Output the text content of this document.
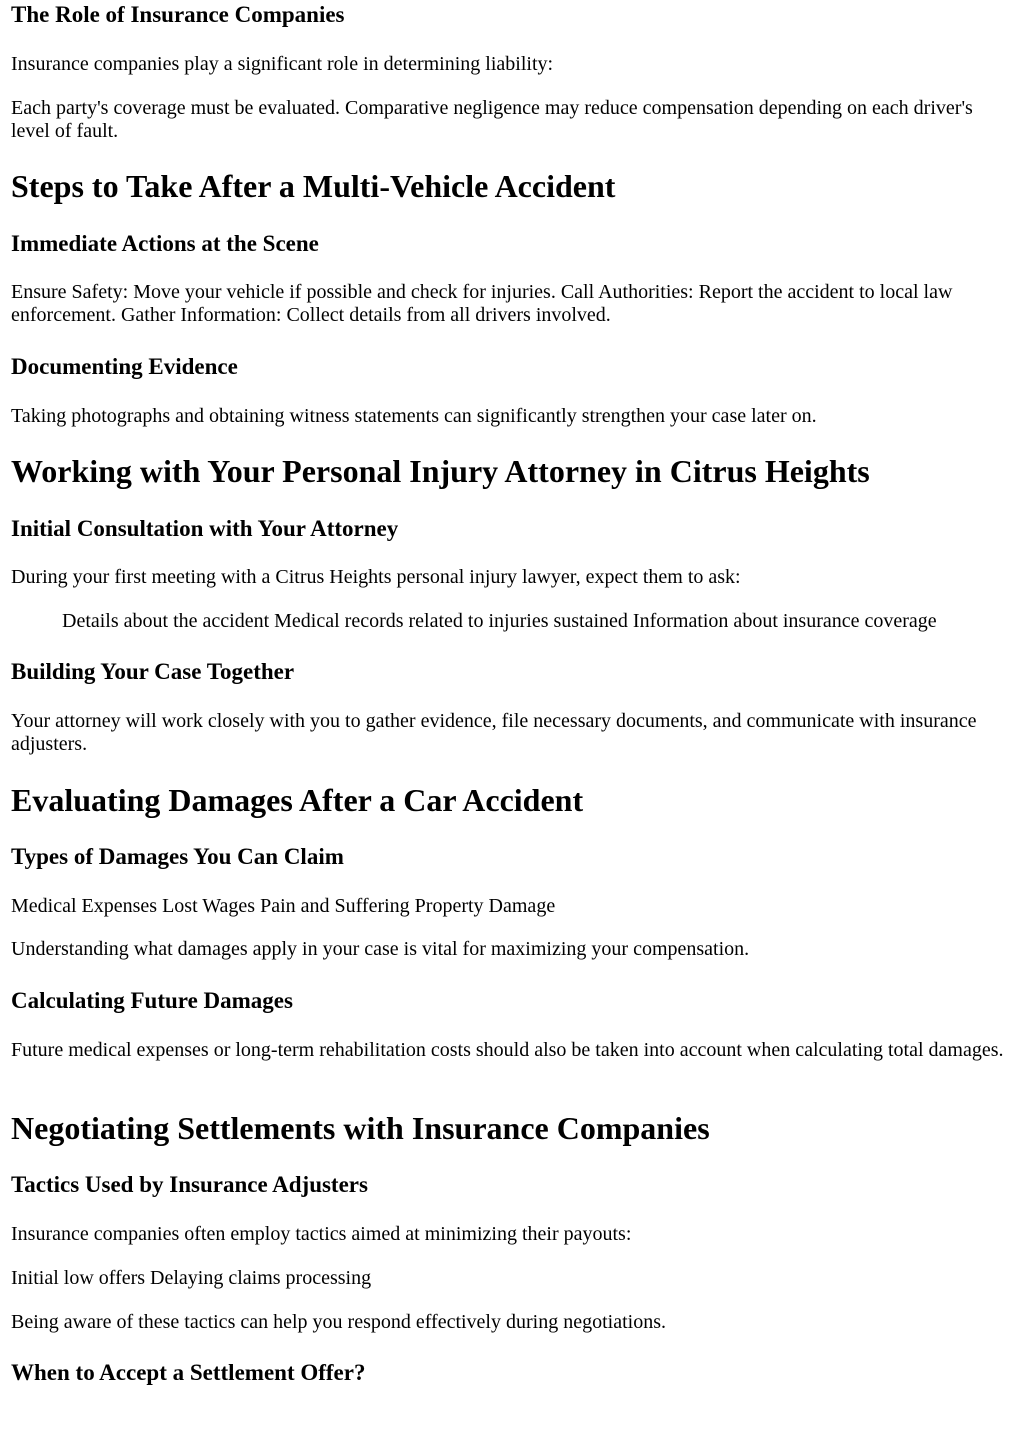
The Role of Insurance Companies

Insurance companies play a significant role in determining liability:

Each party's coverage must be evaluated. Comparative negligence may reduce compensation depending on each driver's level of fault.

Steps to Take After a Multi-Vehicle Accident
Immediate Actions at the Scene

Ensure Safety: Move your vehicle if possible and check for injuries. Call Authorities: Report the accident to local law enforcement. Gather Information: Collect details from all drivers involved.

Documenting Evidence

Taking photographs and obtaining witness statements can significantly strengthen your case later on.

Working with Your Personal Injury Attorney in Citrus Heights
Initial Consultation with Your Attorney

During your first meeting with a Citrus Heights personal injury lawyer, expect them to ask:

Details about the accident Medical records related to injuries sustained Information about insurance coverage
Building Your Case Together

Your attorney will work closely with you to gather evidence, file necessary documents, and communicate with insurance adjusters.

Evaluating Damages After a Car Accident
Types of Damages You Can Claim

Medical Expenses Lost Wages Pain and Suffering Property Damage

Understanding what damages apply in your case is vital for maximizing your compensation.

Calculating Future Damages

Future medical expenses or long-term rehabilitation costs should also be taken into account when calculating total damages.

Negotiating Settlements with Insurance Companies
Tactics Used by Insurance Adjusters

Insurance companies often employ tactics aimed at minimizing their payouts:

Initial low offers Delaying claims processing

Being aware of these tactics can help you respond effectively during negotiations.

When to Accept a Settlement Offer?
